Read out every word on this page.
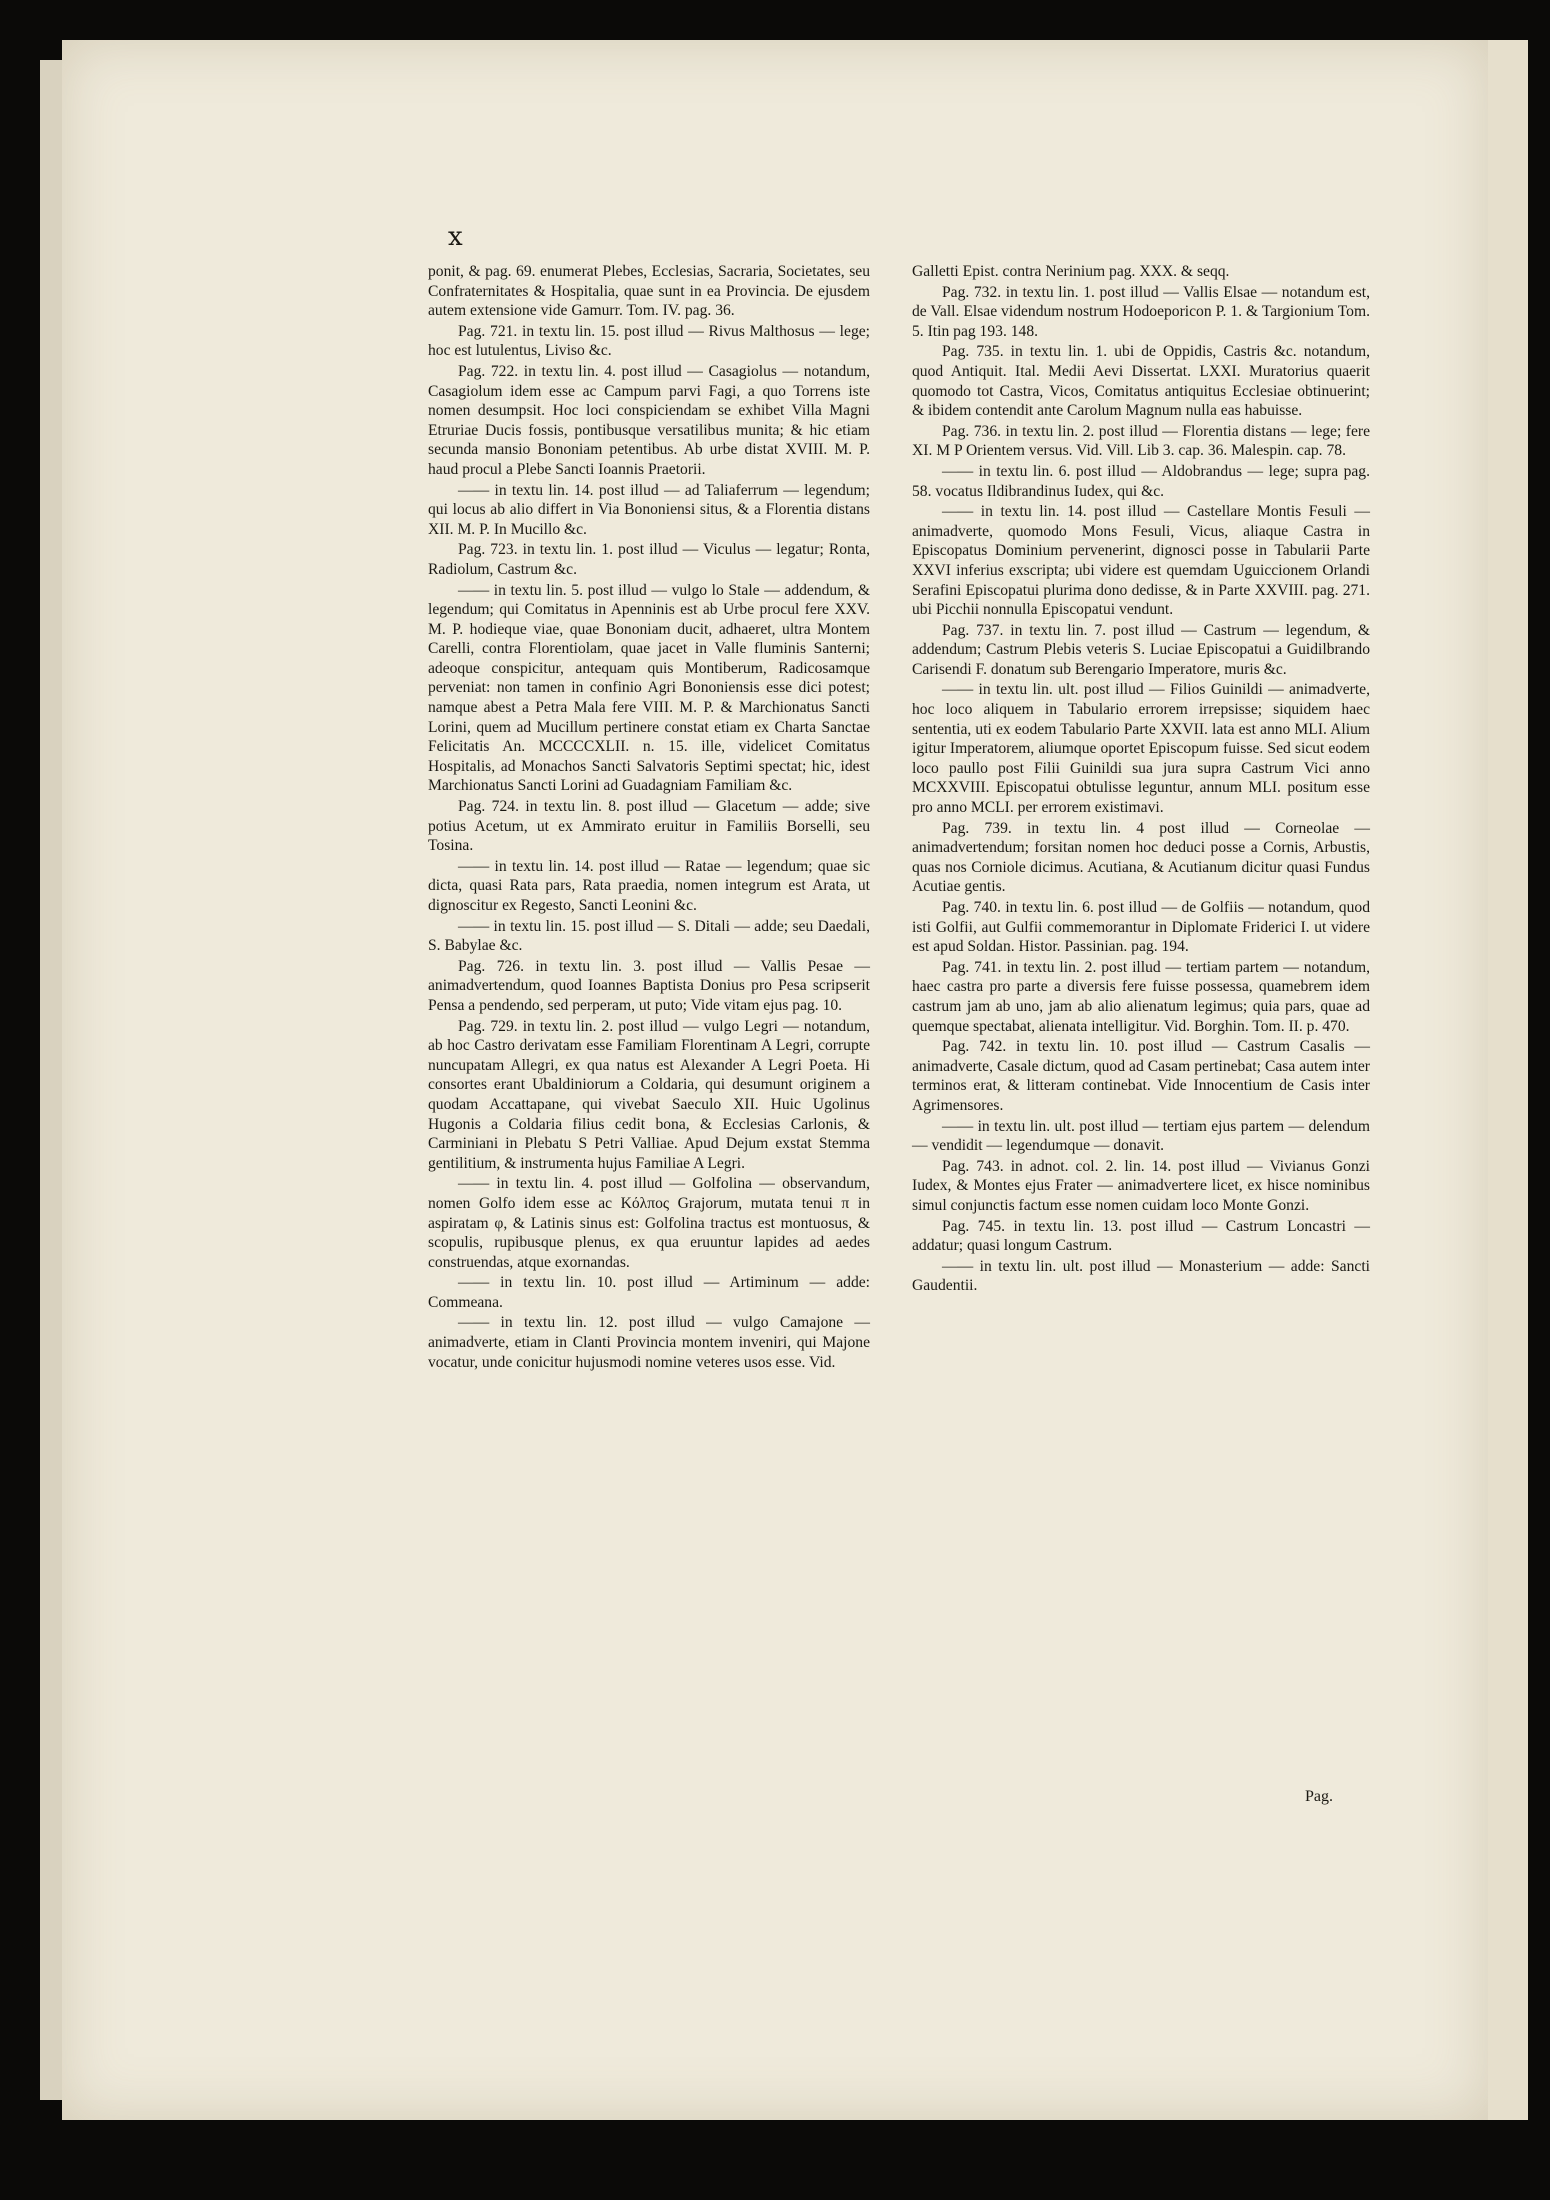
x

ponit, & pag. 69. enumerat Plebes, Ecclesias, Sacraria, Societates, seu Confraternitates & Hospitalia, quae sunt in ea Provincia. De ejusdem autem extensione vide Gamurr. Tom. IV. pag. 36.

Pag. 721. in textu lin. 15. post illud — Rivus Malthosus — lege; hoc est lutulentus, Liviso &c.

Pag. 722. in textu lin. 4. post illud — Casagiolus — notandum, Casagiolum idem esse ac Campum parvi Fagi, a quo Torrens iste nomen desumpsit. Hoc loci conspiciendam se exhibet Villa Magni Etruriae Ducis fossis, pontibusque versatilibus munita; & hic etiam secunda mansio Bononiam petentibus. Ab urbe distat XVIII. M. P. haud procul a Plebe Sancti Ioannis Praetorii.

—— in textu lin. 14. post illud — ad Taliaferrum — legendum; qui locus ab alio differt in Via Bononiensi situs, & a Florentia distans XII. M. P. In Mucillo &c.

Pag. 723. in textu lin. 1. post illud — Viculus — legatur; Ronta, Radiolum, Castrum &c.

—— in textu lin. 5. post illud — vulgo lo Stale — addendum, & legendum; qui Comitatus in Apenninis est ab Urbe procul fere XXV. M. P. hodieque viae, quae Bononiam ducit, adhaeret, ultra Montem Carelli, contra Florentiolam, quae jacet in Valle fluminis Santerni; adeoque conspicitur, antequam quis Montiberum, Radicosamque perveniat: non tamen in confinio Agri Bononiensis esse dici potest; namque abest a Petra Mala fere VIII. M. P. & Marchionatus Sancti Lorini, quem ad Mucillum pertinere constat etiam ex Charta Sanctae Felicitatis An. MCCCCXLII. n. 15. ille, videlicet Comitatus Hospitalis, ad Monachos Sancti Salvatoris Septimi spectat; hic, idest Marchionatus Sancti Lorini ad Guadagniam Familiam &c.

Pag. 724. in textu lin. 8. post illud — Glacetum — adde; sive potius Acetum, ut ex Ammirato eruitur in Familiis Borselli, seu Tosina.

—— in textu lin. 14. post illud — Ratae — legendum; quae sic dicta, quasi Rata pars, Rata praedia, nomen integrum est Arata, ut dignoscitur ex Regesto, Sancti Leonini &c.

—— in textu lin. 15. post illud — S. Ditali — adde; seu Daedali, S. Babylae &c.

Pag. 726. in textu lin. 3. post illud — Vallis Pesae — animadvertendum, quod Ioannes Baptista Donius pro Pesa scripserit Pensa a pendendo, sed perperam, ut puto; Vide vitam ejus pag. 10.

Pag. 729. in textu lin. 2. post illud — vulgo Legri — notandum, ab hoc Castro derivatam esse Familiam Florentinam A Legri, corrupte nuncupatam Allegri, ex qua natus est Alexander A Legri Poeta. Hi consortes erant Ubaldiniorum a Coldaria, qui desumunt originem a quodam Accattapane, qui vivebat Saeculo XII. Huic Ugolinus Hugonis a Coldaria filius cedit bona, & Ecclesias Carlonis, & Carminiani in Plebatu S Petri Valliae. Apud Dejum exstat Stemma gentilitium, & instrumenta hujus Familiae A Legri.

—— in textu lin. 4. post illud — Golfolina — observandum, nomen Golfo idem esse ac Κόλπος Grajorum, mutata tenui π in aspiratam φ, & Latinis sinus est: Golfolina tractus est montuosus, & scopulis, rupibusque plenus, ex qua eruuntur lapides ad aedes construendas, atque exornandas.

—— in textu lin. 10. post illud — Artiminum — adde: Commeana.

—— in textu lin. 12. post illud — vulgo Camajone — animadverte, etiam in Clanti Provincia montem inveniri, qui Majone vocatur, unde conicitur hujusmodi nomine veteres usos esse. Vid.

Galletti Epist. contra Nerinium pag. XXX. & seqq.

Pag. 732. in textu lin. 1. post illud — Vallis Elsae — notandum est, de Vall. Elsae videndum nostrum Hodoeporicon P. 1. & Targionium Tom. 5. Itin pag 193. 148.

Pag. 735. in textu lin. 1. ubi de Oppidis, Castris &c. notandum, quod Antiquit. Ital. Medii Aevi Dissertat. LXXI. Muratorius quaerit quomodo tot Castra, Vicos, Comitatus antiquitus Ecclesiae obtinuerint; & ibidem contendit ante Carolum Magnum nulla eas habuisse.

Pag. 736. in textu lin. 2. post illud — Florentia distans — lege; fere XI. M P Orientem versus. Vid. Vill. Lib 3. cap. 36. Malespin. cap. 78.

—— in textu lin. 6. post illud — Aldobrandus — lege; supra pag. 58. vocatus Ildibrandinus Iudex, qui &c.

—— in textu lin. 14. post illud — Castellare Montis Fesuli — animadverte, quomodo Mons Fesuli, Vicus, aliaque Castra in Episcopatus Dominium pervenerint, dignosci posse in Tabularii Parte XXVI inferius exscripta; ubi videre est quemdam Uguiccionem Orlandi Serafini Episcopatui plurima dono dedisse, & in Parte XXVIII. pag. 271. ubi Picchii nonnulla Episcopatui vendunt.

Pag. 737. in textu lin. 7. post illud — Castrum — legendum, & addendum; Castrum Plebis veteris S. Luciae Episcopatui a Guidilbrando Carisendi F. donatum sub Berengario Imperatore, muris &c.

—— in textu lin. ult. post illud — Filios Guinildi — animadverte, hoc loco aliquem in Tabulario errorem irrepsisse; siquidem haec sententia, uti ex eodem Tabulario Parte XXVII. lata est anno MLI. Alium igitur Imperatorem, aliumque oportet Episcopum fuisse. Sed sicut eodem loco paullo post Filii Guinildi sua jura supra Castrum Vici anno MCXXVIII. Episcopatui obtulisse leguntur, annum MLI. positum esse pro anno MCLI. per errorem existimavi.

Pag. 739. in textu lin. 4 post illud — Corneolae — animadvertendum; forsitan nomen hoc deduci posse a Cornis, Arbustis, quas nos Corniole dicimus. Acutiana, & Acutianum dicitur quasi Fundus Acutiae gentis.

Pag. 740. in textu lin. 6. post illud — de Golfiis — notandum, quod isti Golfii, aut Gulfii commemorantur in Diplomate Friderici I. ut videre est apud Soldan. Histor. Passinian. pag. 194.

Pag. 741. in textu lin. 2. post illud — tertiam partem — notandum, haec castra pro parte a diversis fere fuisse possessa, quamebrem idem castrum jam ab uno, jam ab alio alienatum legimus; quia pars, quae ad quemque spectabat, alienata intelligitur. Vid. Borghin. Tom. II. p. 470.

Pag. 742. in textu lin. 10. post illud — Castrum Casalis — animadverte, Casale dictum, quod ad Casam pertinebat; Casa autem inter terminos erat, & litteram continebat. Vide Innocentium de Casis inter Agrimensores.

—— in textu lin. ult. post illud — tertiam ejus partem — delendum — vendidit — legendumque — donavit.

Pag. 743. in adnot. col. 2. lin. 14. post illud — Vivianus Gonzi Iudex, & Montes ejus Frater — animadvertere licet, ex hisce nominibus simul conjunctis factum esse nomen cuidam loco Monte Gonzi.

Pag. 745. in textu lin. 13. post illud — Castrum Loncastri — addatur; quasi longum Castrum.

—— in textu lin. ult. post illud — Monasterium — adde: Sancti Gaudentii.

Pag.
